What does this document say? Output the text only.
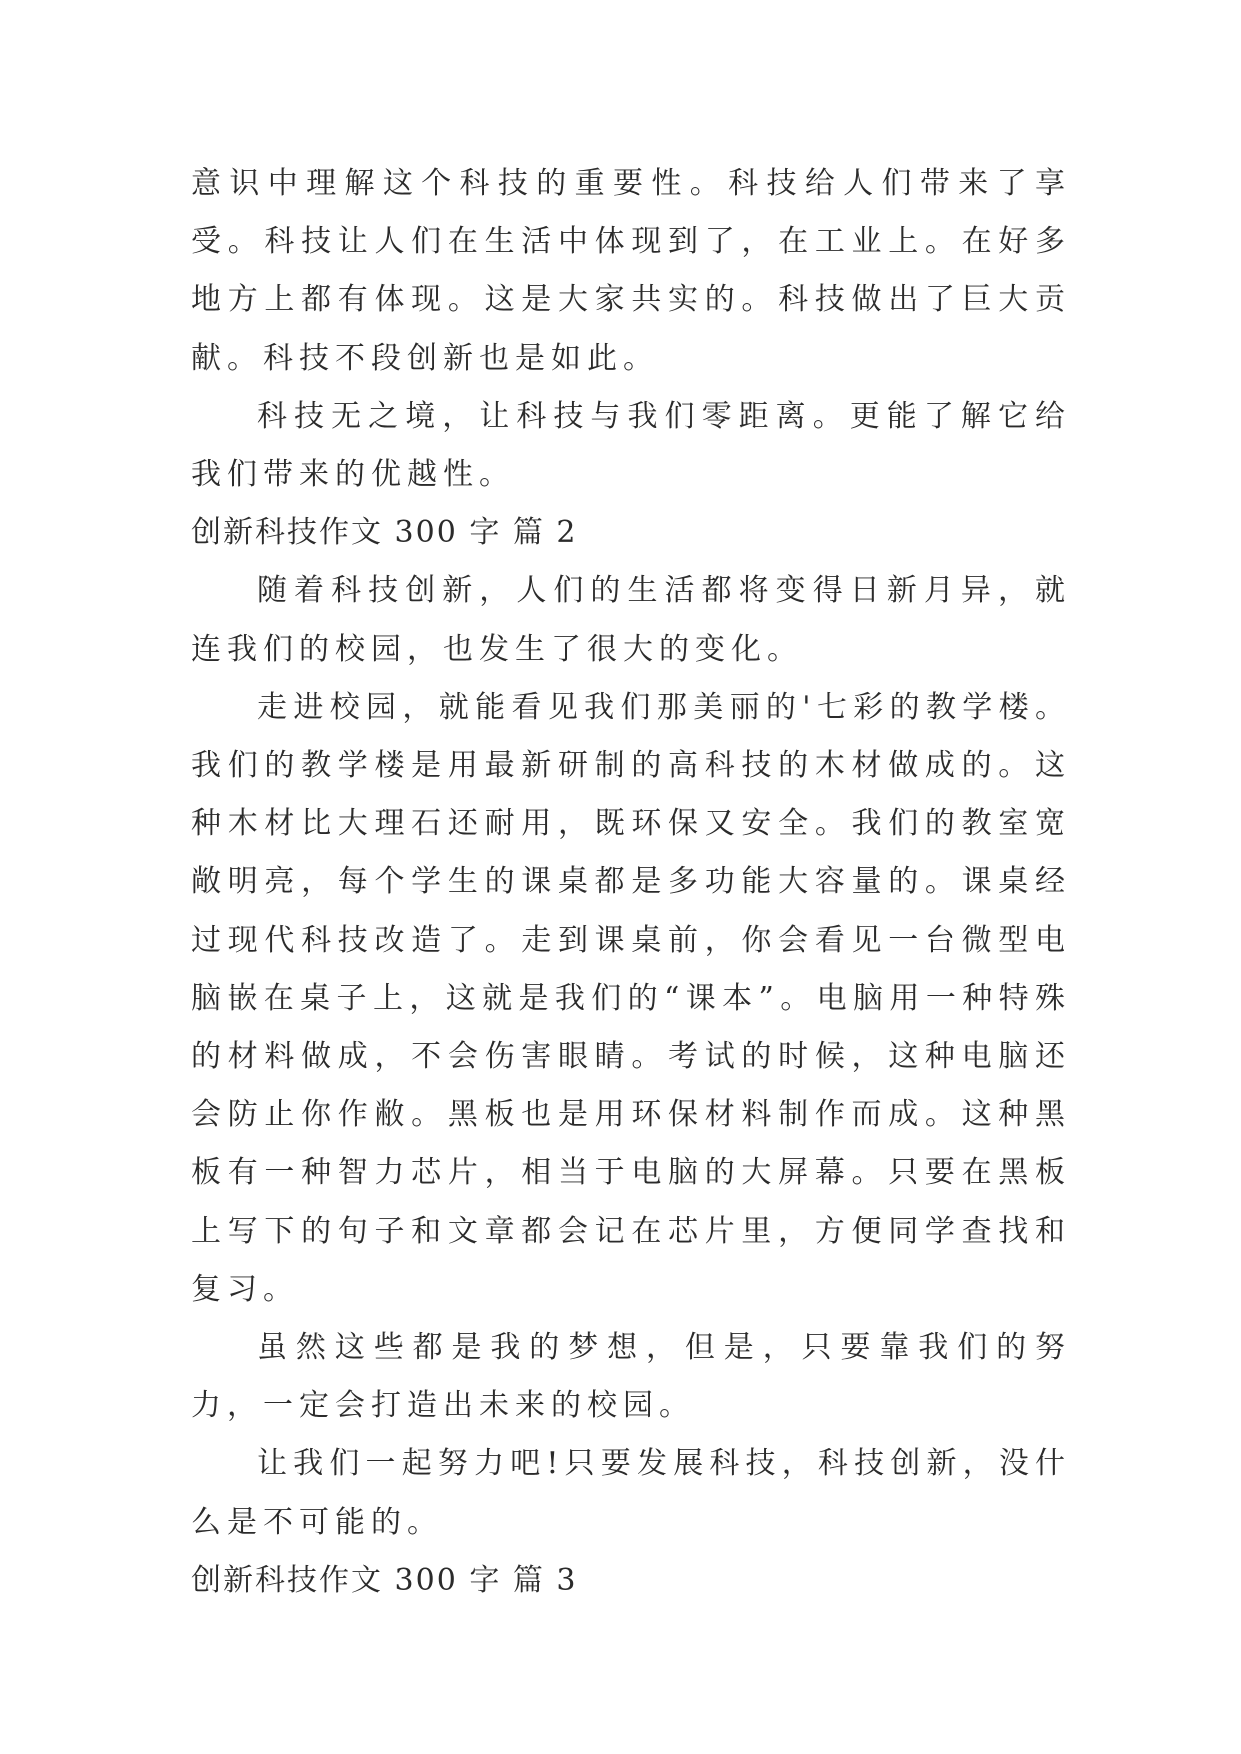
意识中理解这个科技的重要性。科技给人们带来了享受。科技让人们在生活中体现到了，在工业上。在好多地方上都有体现。这是大家共实的。科技做出了巨大贡献。科技不段创新也是如此。

科技无之境，让科技与我们零距离。更能了解它给我们带来的优越性。

创新科技作文 300 字 篇 2

随着科技创新，人们的生活都将变得日新月异，就连我们的校园，也发生了很大的变化。

走进校园，就能看见我们那美丽的'七彩的教学楼。我们的教学楼是用最新研制的高科技的木材做成的。这种木材比大理石还耐用，既环保又安全。我们的教室宽敞明亮，每个学生的课桌都是多功能大容量的。课桌经过现代科技改造了。走到课桌前，你会看见一台微型电脑嵌在桌子上，这就是我们的“课本”。电脑用一种特殊的材料做成，不会伤害眼睛。考试的时候，这种电脑还会防止你作敝。黑板也是用环保材料制作而成。这种黑板有一种智力芯片，相当于电脑的大屏幕。只要在黑板上写下的句子和文章都会记在芯片里，方便同学查找和复习。

虽然这些都是我的梦想，但是，只要靠我们的努力，一定会打造出未来的校园。

让我们一起努力吧!只要发展科技，科技创新，没什么是不可能的。

创新科技作文 300 字 篇 3
